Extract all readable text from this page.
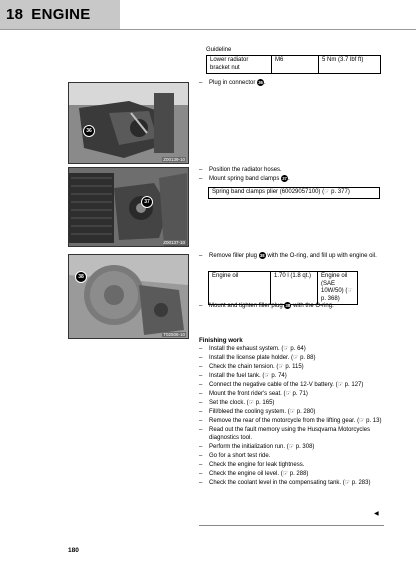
18 ENGINE
Guideline
Lower radiator bracket nut	M6	5 Nm (3.7 lbf ft)
–	Plug in connector 36.
36
Z00139-10
37
Z00137-10
38
T02506-10
–	Position the radiator hoses.
–	Mount spring band clamps 37.
Spring band clamps plier (60029057100) (☞ p. 377)
–	Remove filler plug 38 with the O-ring, and fill up with engine oil.
Engine oil	1.70 l (1.8 qt.)	Engine oil (SAE 10W/50) (☞ p. 368)
–	Mount and tighten filler plug 38 with the O-ring.
Finishing work
–	Install the exhaust system. (☞ p. 64)
–	Install the license plate holder. (☞ p. 88)
–	Check the chain tension. (☞ p. 115)
–	Install the fuel tank. (☞ p. 74)
–	Connect the negative cable of the 12-V battery. (☞ p. 127)
–	Mount the front rider's seat. (☞ p. 71)
–	Set the clock. (☞ p. 165)
–	Fill/bleed the cooling system. (☞ p. 280)
–	Remove the rear of the motorcycle from the lifting gear. (☞ p. 13)
–	Read out the fault memory using the Husqvarna Motorcycles diagnostics tool.
–	Perform the initialization run. (☞ p. 308)
–	Go for a short test ride.
–	Check the engine for leak tightness.
–	Check the engine oil level. (☞ p. 288)
–	Check the coolant level in the compensating tank. (☞ p. 283)
◀
180
